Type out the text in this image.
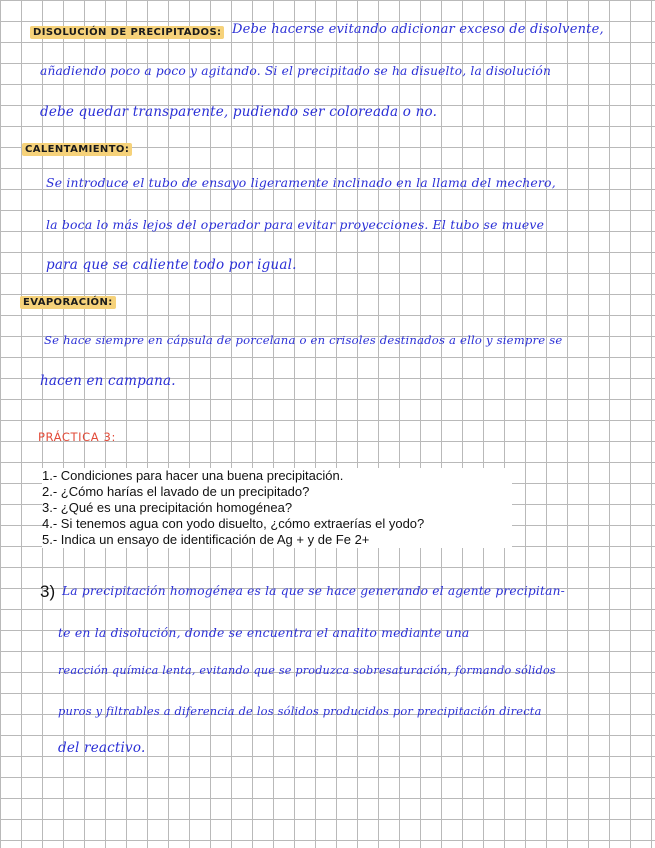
DISOLUCIÓN DE PRECIPITADOS: Debe hacerse evitando adicionar exceso de disolvente,
añadiendo poco a poco y agitando. Si el precipitado se ha disuelto, la disolución
debe quedar transparente, pudiendo ser coloreada o no.
CALENTAMIENTO:
Se introduce el tubo de ensayo ligeramente inclinado en la llama del mechero,
la boca lo más lejos del operador para evitar proyecciones. El tubo se mueve
para que se caliente todo por igual.
EVAPORACIÓN:
Se hace siempre en cápsula de porcelana o en crisoles destinados a ello y siempre se
hacen en campana.
PRÁCTICA 3:
1.- Condiciones para hacer una buena precipitación.
2.- ¿Cómo harías el lavado de un precipitado?
3.- ¿Qué es una precipitación homogénea?
4.- Si tenemos agua con yodo disuelto, ¿cómo extraerías el yodo?
5.- Indica un ensayo de identificación de Ag + y de Fe 2+
3) La precipitación homogénea es la que se hace generando el agente precipitan-
te en la disolución, donde se encuentra el analito mediante una
reacción química lenta, evitando que se produzca sobresaturación, formando sólidos
puros y filtrables a diferencia de los sólidos producidos por precipitación directa
del reactivo.
